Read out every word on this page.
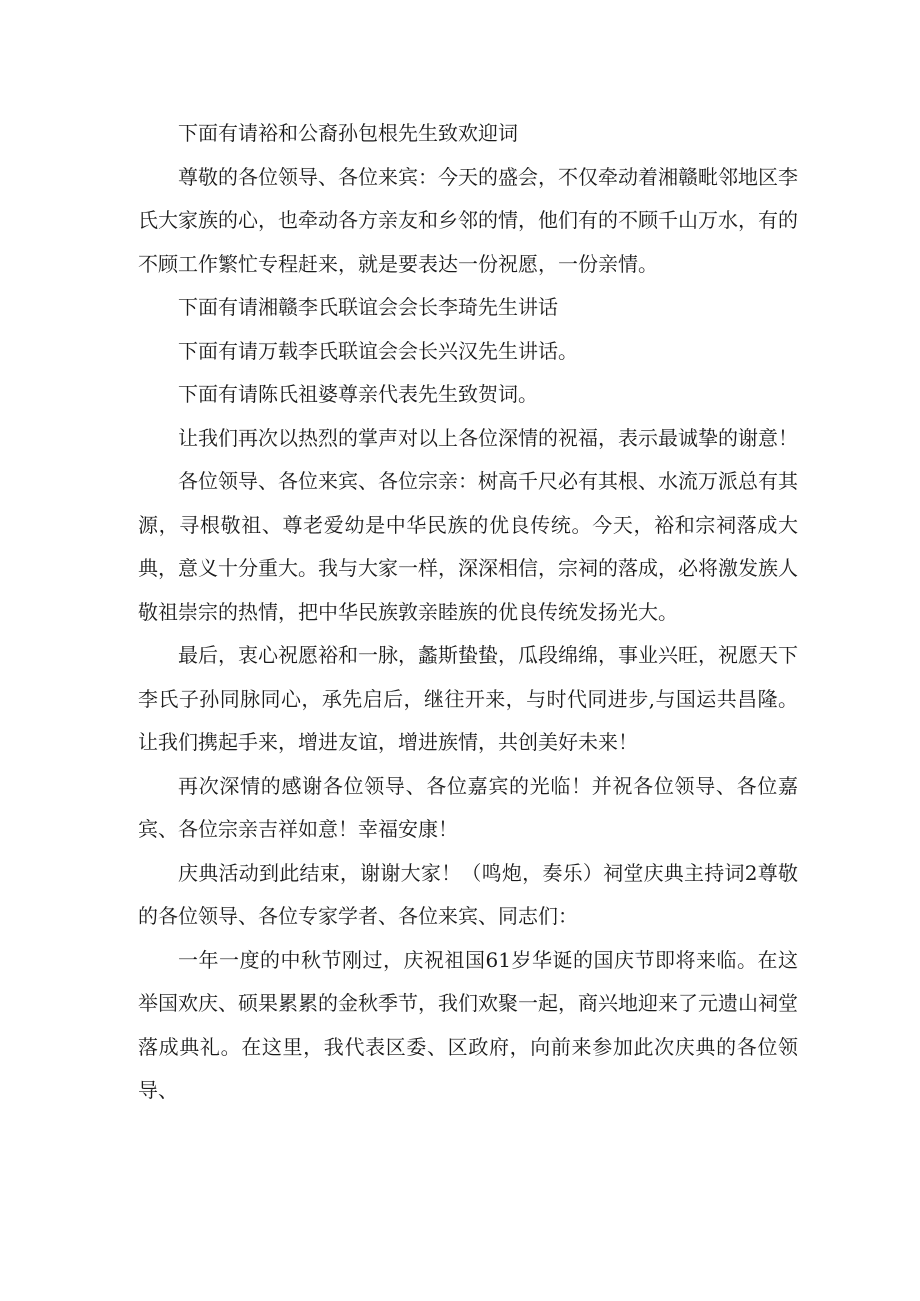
下面有请裕和公裔孙包根先生致欢迎词

尊敬的各位领导、各位来宾：今天的盛会，不仅牵动着湘赣毗邻地区李氏大家族的心，也牵动各方亲友和乡邻的情，他们有的不顾千山万水，有的不顾工作繁忙专程赶来，就是要表达一份祝愿，一份亲情。

下面有请湘赣李氏联谊会会长李琦先生讲话

下面有请万载李氏联谊会会长兴汉先生讲话。

下面有请陈氏祖婆尊亲代表先生致贺词。

让我们再次以热烈的掌声对以上各位深情的祝福，表示最诚挚的谢意！

各位领导、各位来宾、各位宗亲：树高千尺必有其根、水流万派总有其源，寻根敬祖、尊老爱幼是中华民族的优良传统。今天，裕和宗祠落成大典，意义十分重大。我与大家一样，深深相信，宗祠的落成，必将激发族人敬祖崇宗的热情，把中华民族敦亲睦族的优良传统发扬光大。

最后，衷心祝愿裕和一脉，蠡斯蛰蛰，瓜段绵绵，事业兴旺，祝愿天下李氏子孙同脉同心，承先启后，继往开来，与时代同进步,与国运共昌隆。让我们携起手来，增进友谊，增进族情，共创美好未来！

再次深情的感谢各位领导、各位嘉宾的光临！并祝各位领导、各位嘉宾、各位宗亲吉祥如意！幸福安康！

庆典活动到此结束，谢谢大家！（鸣炮，奏乐）祠堂庆典主持词2尊敬的各位领导、各位专家学者、各位来宾、同志们：

一年一度的中秋节刚过，庆祝祖国61岁华诞的国庆节即将来临。在这举国欢庆、硕果累累的金秋季节，我们欢聚一起，商兴地迎来了元遗山祠堂落成典礼。在这里，我代表区委、区政府，向前来参加此次庆典的各位领导、
